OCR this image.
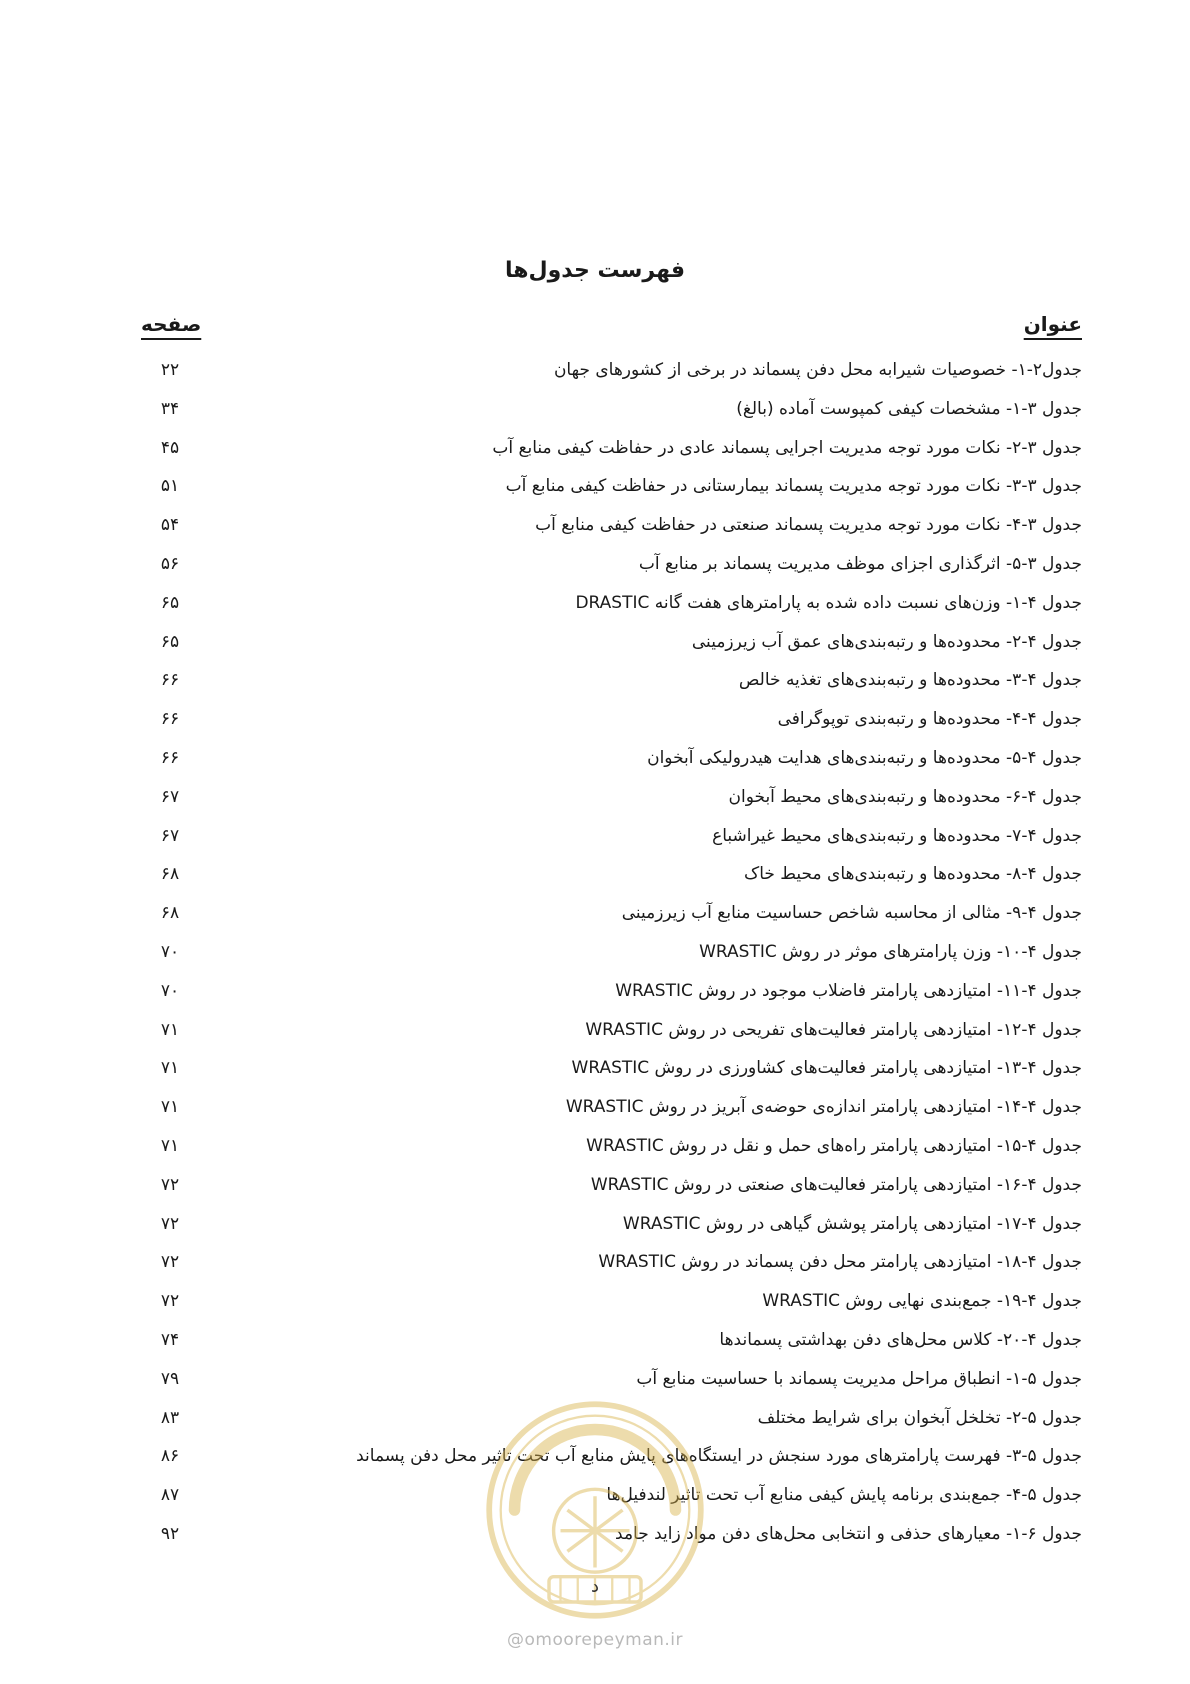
فهرست جدول‌ها
عنوان
صفحه
جدول۲-۱- خصوصیات شیرابه محل دفن پسماند در برخی از کشورهای جهان
۲۲
جدول ۳-۱- مشخصات کیفی کمپوست آماده (بالغ)
۳۴
جدول ۳-۲- نکات مورد توجه مدیریت اجرایی پسماند عادی در حفاظت کیفی منابع آب
۴۵
جدول ۳-۳- نکات مورد توجه مدیریت پسماند بیمارستانی در حفاظت کیفی منابع آب
۵۱
جدول ۳-۴- نکات مورد توجه مدیریت پسماند صنعتی در حفاظت کیفی منابع آب
۵۴
جدول ۳-۵- اثرگذاری اجزای موظف مدیریت پسماند بر منابع آب
۵۶
جدول ۴-۱- وزن‌های نسبت داده شده به پارامترهای هفت گانه DRASTIC
۶۵
جدول ۴-۲- محدوده‌ها و رتبه‌بندی‌های عمق آب زیرزمینی
۶۵
جدول ۴-۳- محدوده‌ها و رتبه‌بندی‌های تغذیه خالص
۶۶
جدول ۴-۴- محدوده‌ها و رتبه‌بندی توپوگرافی
۶۶
جدول ۴-۵- محدوده‌ها و رتبه‌بندی‌های هدایت هیدرولیکی آبخوان
۶۶
جدول ۴-۶- محدوده‌ها و رتبه‌بندی‌های محیط آبخوان
۶۷
جدول ۴-۷- محدوده‌ها و رتبه‌بندی‌های محیط غیراشباع
۶۷
جدول ۴-۸- محدوده‌ها و رتبه‌بندی‌های محیط خاک
۶۸
جدول ۴-۹- مثالی از محاسبه شاخص حساسیت منابع آب زیرزمینی
۶۸
جدول ۴-۱۰- وزن پارامترهای موثر در روش WRASTIC
۷۰
جدول ۴-۱۱- امتیازدهی پارامتر فاضلاب موجود در روش WRASTIC
۷۰
جدول ۴-۱۲- امتیازدهی پارامتر فعالیت‌های تفریحی در روش WRASTIC
۷۱
جدول ۴-۱۳- امتیازدهی پارامتر فعالیت‌های کشاورزی در روش WRASTIC
۷۱
جدول ۴-۱۴- امتیازدهی پارامتر اندازه‌ی حوضه‌ی آبریز در روش WRASTIC
۷۱
جدول ۴-۱۵- امتیازدهی پارامتر راه‌های حمل و نقل در روش WRASTIC
۷۱
جدول ۴-۱۶- امتیازدهی پارامتر فعالیت‌های صنعتی در روش WRASTIC
۷۲
جدول ۴-۱۷- امتیازدهی پارامتر پوشش گیاهی در روش WRASTIC
۷۲
جدول ۴-۱۸- امتیازدهی پارامتر محل دفن پسماند در روش WRASTIC
۷۲
جدول ۴-۱۹- جمع‌بندی نهایی روش WRASTIC
۷۲
جدول ۴-۲۰- کلاس محل‌های دفن بهداشتی پسماندها
۷۴
جدول ۵-۱- انطباق مراحل مدیریت پسماند با حساسیت منابع آب
۷۹
جدول ۵-۲- تخلخل آبخوان برای شرایط مختلف
۸۳
جدول ۵-۳- فهرست پارامترهای مورد سنجش در ایستگاه‌های پایش منابع آب تحت تاثیر محل دفن پسماند
۸۶
جدول ۵-۴- جمع‌بندی برنامه پایش کیفی منابع آب تحت تاثیر لندفیل‌ها
۸۷
جدول ۶-۱- معیارهای حذفی و انتخابی محل‌های دفن مواد زاید جامد
۹۲
د
@omoorepeyman.ir
